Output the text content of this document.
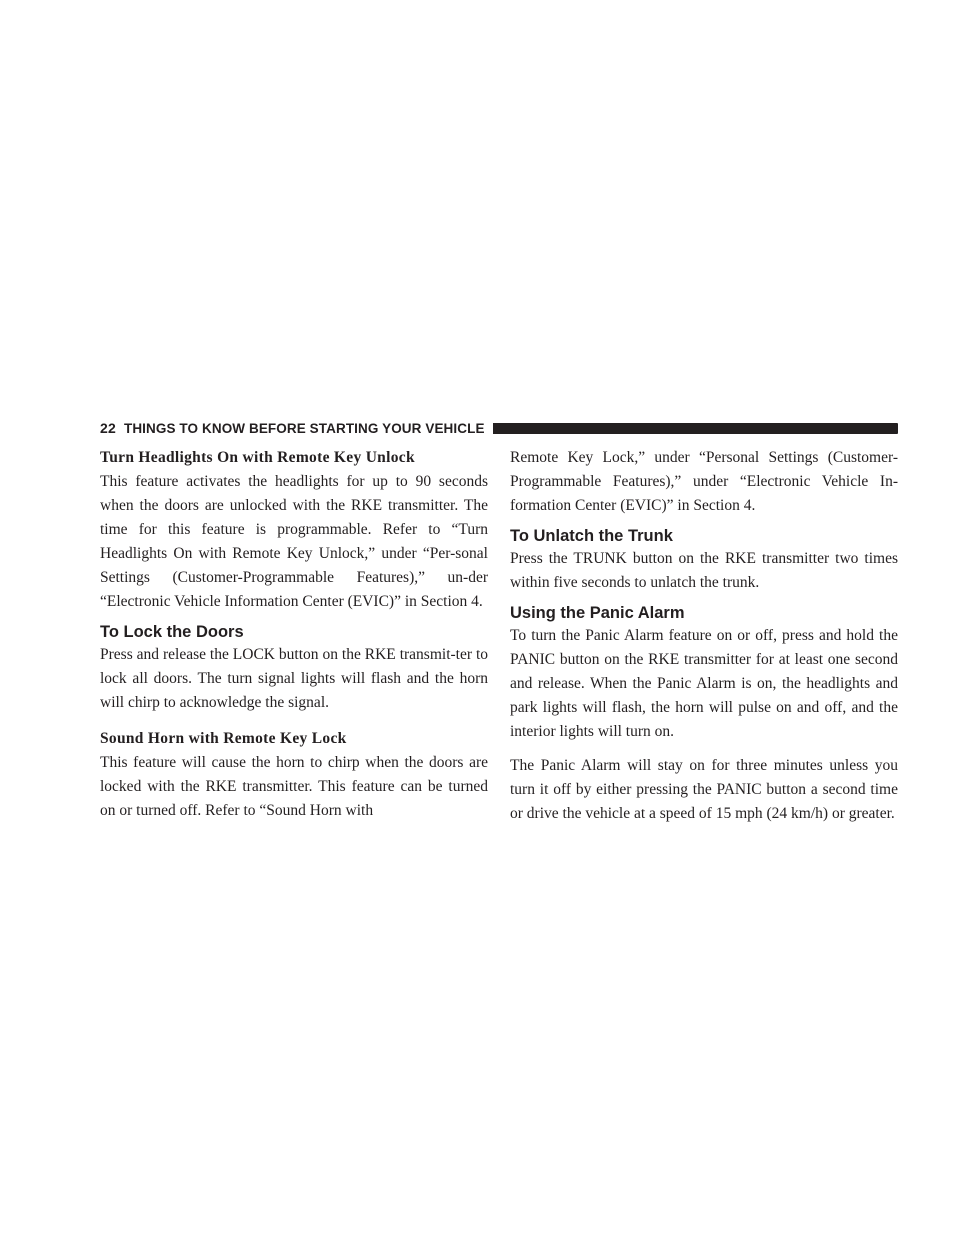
22 THINGS TO KNOW BEFORE STARTING YOUR VEHICLE

Turn Headlights On with Remote Key Unlock

This feature activates the headlights for up to 90 seconds when the doors are unlocked with the RKE transmitter. The time for this feature is programmable. Refer to “Turn Headlights On with Remote Key Unlock,” under “Per-sonal Settings (Customer-Programmable Features),” un-der “Electronic Vehicle Information Center (EVIC)” in Section 4.

To Lock the Doors

Press and release the LOCK button on the RKE transmit-ter to lock all doors. The turn signal lights will flash and the horn will chirp to acknowledge the signal.

Sound Horn with Remote Key Lock

This feature will cause the horn to chirp when the doors are locked with the RKE transmitter. This feature can be turned on or turned off. Refer to “Sound Horn with

Remote Key Lock,” under “Personal Settings (Customer-Programmable Features),” under “Electronic Vehicle In-formation Center (EVIC)” in Section 4.

To Unlatch the Trunk

Press the TRUNK button on the RKE transmitter two times within five seconds to unlatch the trunk.

Using the Panic Alarm

To turn the Panic Alarm feature on or off, press and hold the PANIC button on the RKE transmitter for at least one second and release. When the Panic Alarm is on, the headlights and park lights will flash, the horn will pulse on and off, and the interior lights will turn on.

The Panic Alarm will stay on for three minutes unless you turn it off by either pressing the PANIC button a second time or drive the vehicle at a speed of 15 mph (24 km/h) or greater.
